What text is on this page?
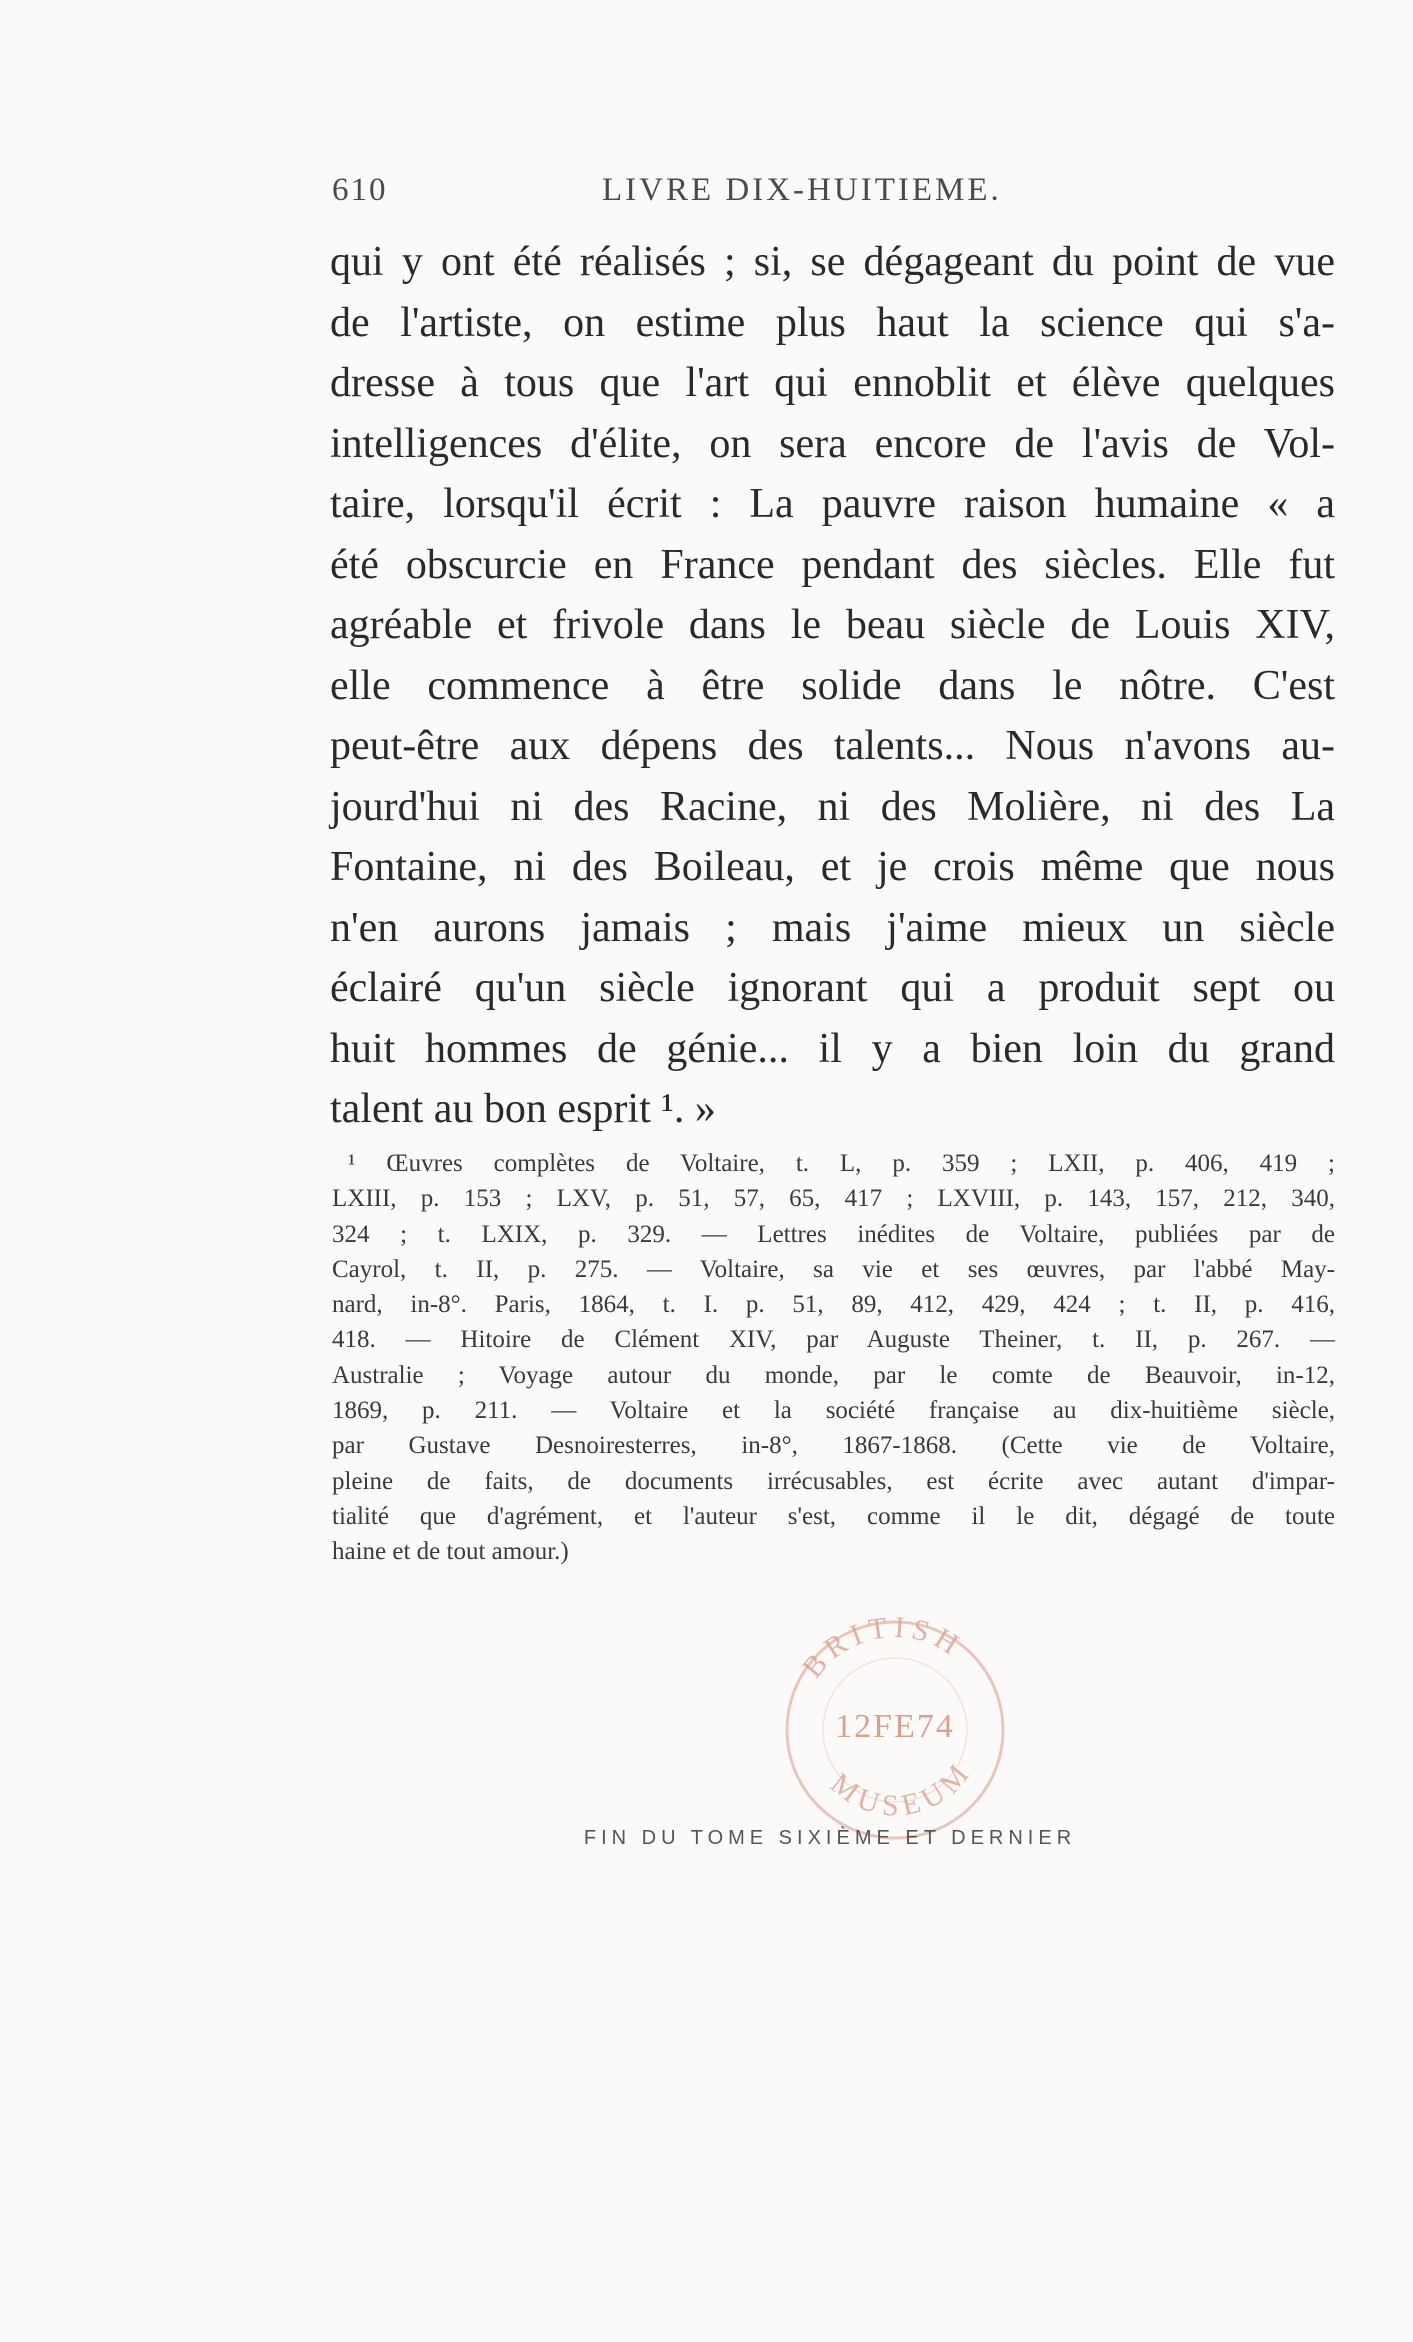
610	LIVRE DIX-HUITIEME.
qui y ont été réalisés ; si, se dégageant du point de vue
de l'artiste, on estime plus haut la science qui s'a-
dresse à tous que l'art qui ennoblit et élève quelques
intelligences d'élite, on sera encore de l'avis de Vol-
taire, lorsqu'il écrit : La pauvre raison humaine « a
été obscurcie en France pendant des siècles. Elle fut
agréable et frivole dans le beau siècle de Louis XIV,
elle commence à être solide dans le nôtre. C'est
peut-être aux dépens des talents... Nous n'avons au-
jourd'hui ni des Racine, ni des Molière, ni des La
Fontaine, ni des Boileau, et je crois même que nous
n'en aurons jamais ; mais j'aime mieux un siècle
éclairé qu'un siècle ignorant qui a produit sept ou
huit hommes de génie... il y a bien loin du grand
talent au bon esprit ¹. »
¹ Œuvres complètes de Voltaire, t. L, p. 359 ; LXII, p. 406, 419 ;
LXIII, p. 153 ; LXV, p. 51, 57, 65, 417 ; LXVIII, p. 143, 157, 212, 340,
324 ; t. LXIX, p. 329. — Lettres inédites de Voltaire, publiées par de
Cayrol, t. II, p. 275. — Voltaire, sa vie et ses œuvres, par l'abbé May-
nard, in-8°. Paris, 1864, t. I. p. 51, 89, 412, 429, 424 ; t. II, p. 416,
418. — Hitoire de Clément XIV, par Auguste Theiner, t. II, p. 267. —
Australie ; Voyage autour du monde, par le comte de Beauvoir, in-12,
1869, p. 211. — Voltaire et la société française au dix-huitième siècle,
par Gustave Desnoiresterres, in-8°, 1867-1868. (Cette vie de Voltaire,
pleine de faits, de documents irrécusables, est écrite avec autant d'impar-
tialité que d'agrément, et l'auteur s'est, comme il le dit, dégagé de toute
haine et de tout amour.)
BRITISH
MUSEUM
12FE74
FIN DU TOME SIXIÈME ET DERNIER
